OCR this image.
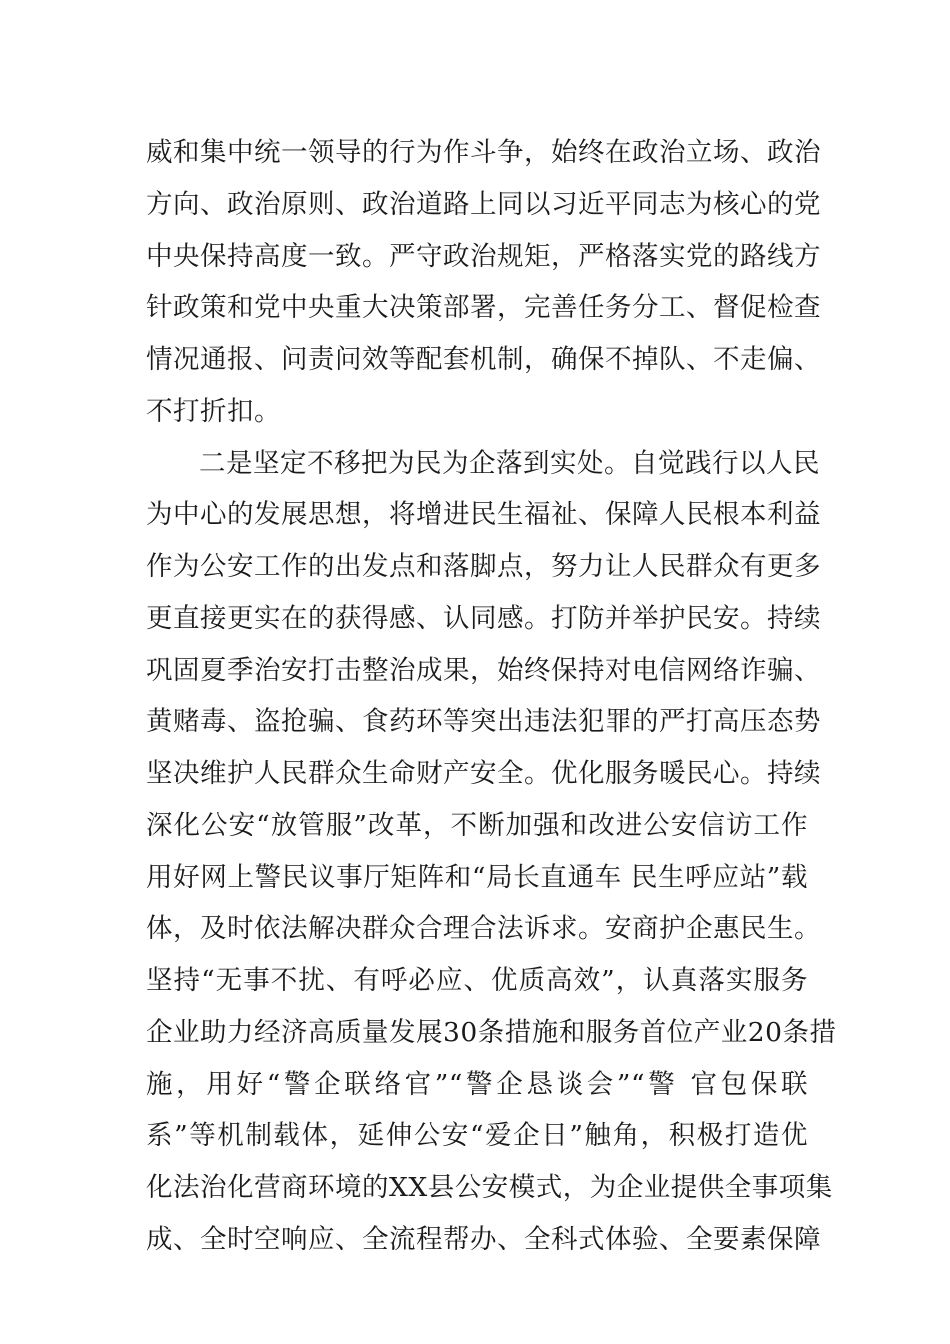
威和集中统一领导的行为作斗争，始终在政治立场、政治
方向、政治原则、政治道路上同以习近平同志为核心的党
中央保持高度一致。严守政治规矩，严格落实党的路线方
针政策和党中央重大决策部署，完善任务分工、督促检查
情况通报、问责问效等配套机制，确保不掉队、不走偏、
不打折扣。
二是坚定不移把为民为企落到实处。自觉践行以人民
为中心的发展思想，将增进民生福祉、保障人民根本利益
作为公安工作的出发点和落脚点，努力让人民群众有更多
更直接更实在的获得感、认同感。打防并举护民安。持续
巩固夏季治安打击整治成果，始终保持对电信网络诈骗、
黄赌毒、盗抢骗、食药环等突出违法犯罪的严打高压态势
坚决维护人民群众生命财产安全。优化服务暖民心。持续
深化公安“放管服”改革，不断加强和改进公安信访工作
用好网上警民议事厅矩阵和“局长直通车 民生呼应站”载
体，及时依法解决群众合理合法诉求。安商护企惠民生。
坚持“无事不扰、有呼必应、优质高效”，认真落实服务
企业助力经济高质量发展30条措施和服务首位产业20条措
施，用好“警企联络官”“警企恳谈会”“警 官包保联
系”等机制载体，延伸公安“爱企日”触角，积极打造优
化法治化营商环境的XX县公安模式，为企业提供全事项集
成、全时空响应、全流程帮办、全科式体验、全要素保障
